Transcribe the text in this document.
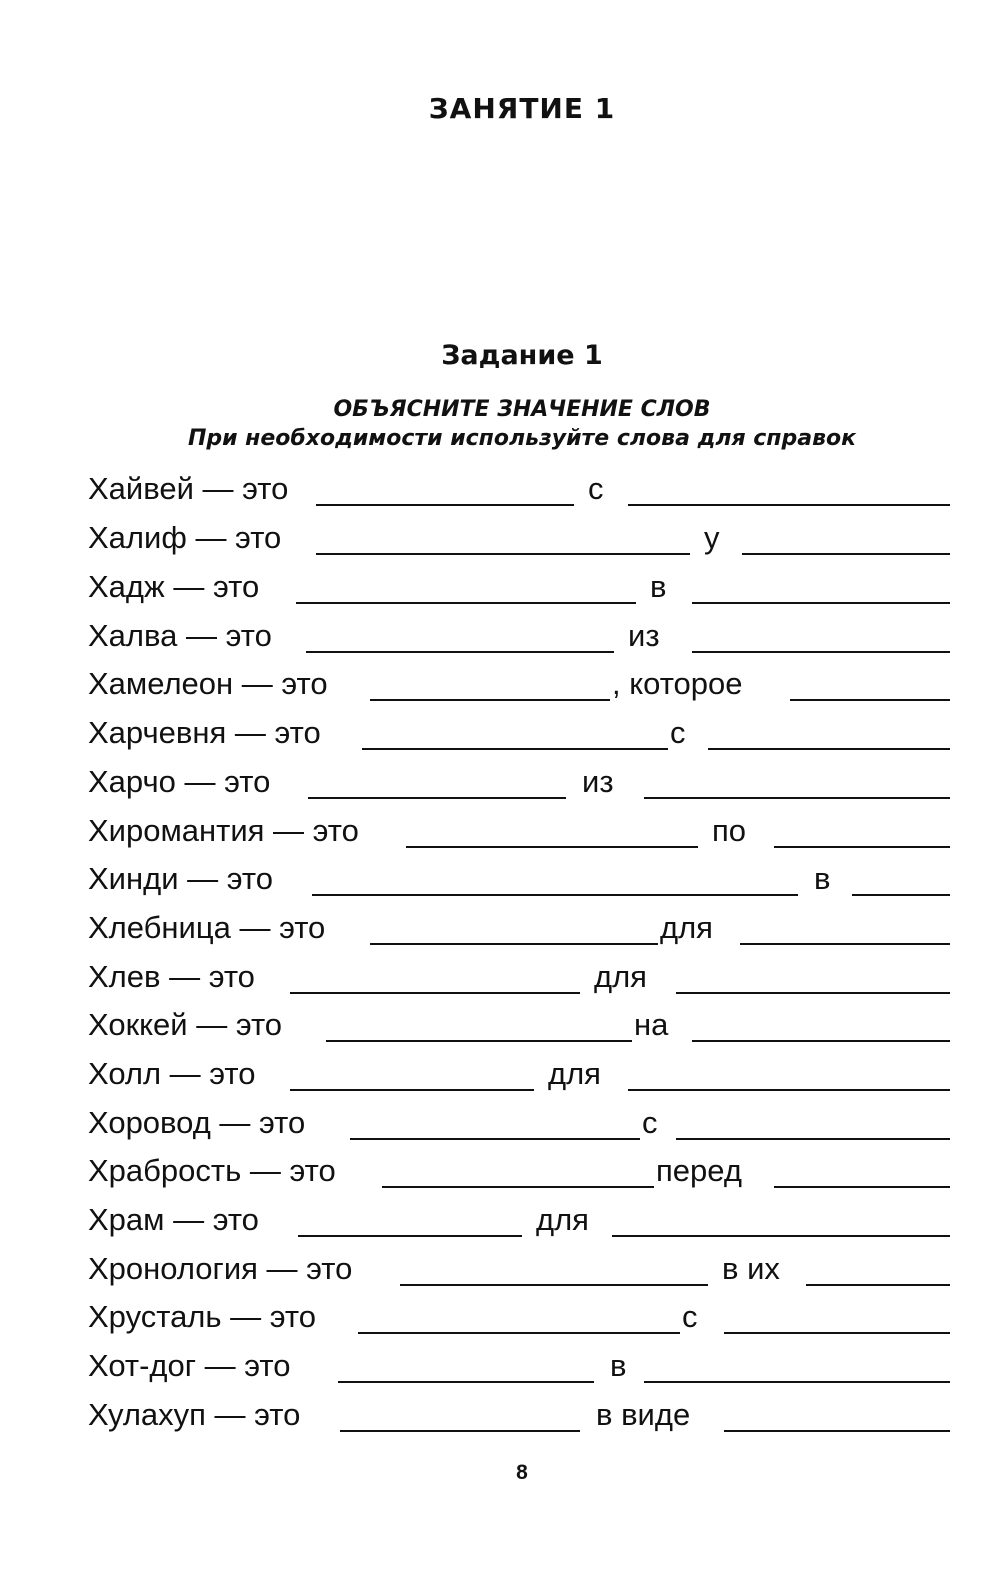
ЗАНЯТИЕ 1
Задание 1
ОБЪЯСНИТЕ ЗНАЧЕНИЕ СЛОВ
При необходимости используйте слова для справок
Хайвей — это	с
Халиф — это	у
Хадж — это	в
Халва — это	из
Хамелеон — это	, которое
Харчевня — это	с
Харчо — это	из
Хиромантия — это	по
Хинди — это	в
Хлебница — это	для
Хлев — это	для
Хоккей — это	на
Холл — это	для
Хоровод — это	с
Храбрость — это	перед
Храм — это	для
Хронология — это	в их
Хрусталь — это	с
Хот-дог — это	в
Хулахуп — это	в виде
8
